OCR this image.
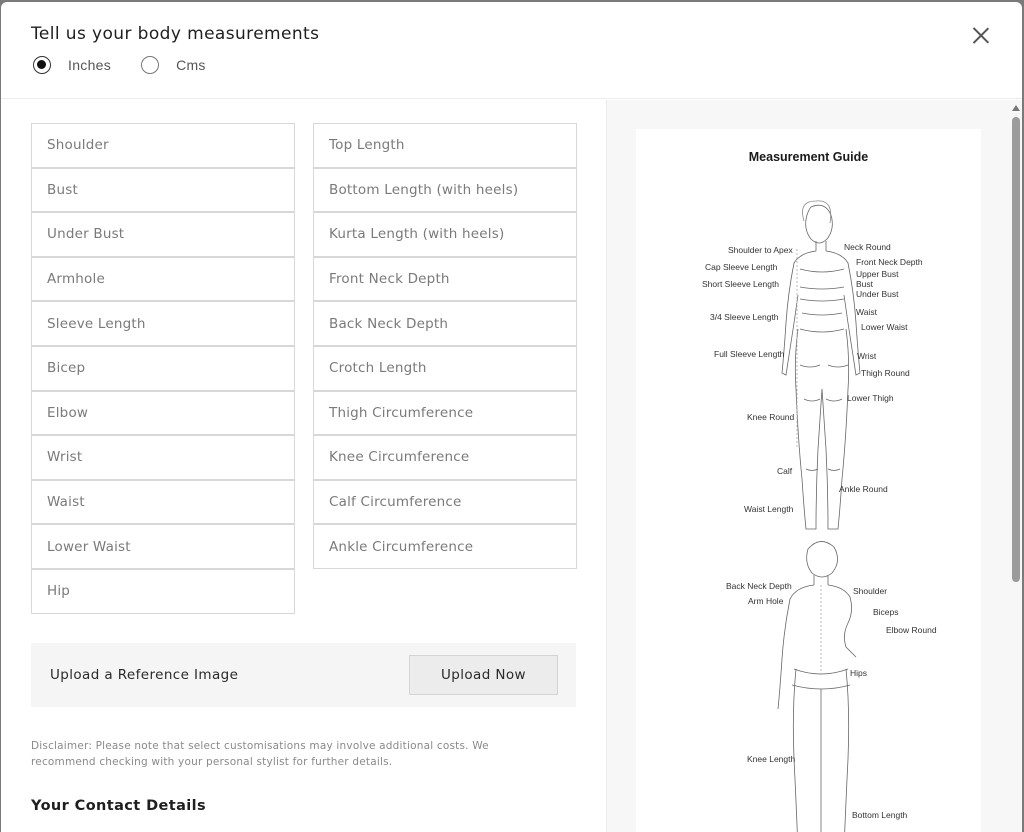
Tell us your body measurements
Inches	Cms
Shoulder
Bust
Under Bust
Armhole
Sleeve Length
Bicep
Elbow
Wrist
Waist
Lower Waist
Hip
Top Length
Bottom Length (with heels)
Kurta Length (with heels)
Front Neck Depth
Back Neck Depth
Crotch Length
Thigh Circumference
Knee Circumference
Calf Circumference
Ankle Circumference
Upload a Reference Image	Upload Now

Disclaimer: Please note that select customisations may involve additional costs. We recommend checking with your personal stylist for further details.

Your Contact Details
Measurement Guide
Shoulder to Apex	Neck Round
Front Neck Depth
Cap Sleeve Length
Upper Bust
Bust
Short Sleeve Length
Under Bust
Waist
3/4 Sleeve Length
Lower Waist
Full Sleeve Length	Wrist
Thigh Round
Lower Thigh
Knee Round
Calf
Ankle Round
Waist Length
Back Neck Depth	Shoulder
Arm Hole
Biceps
Elbow Round
Hips
Knee Length
Bottom Length
